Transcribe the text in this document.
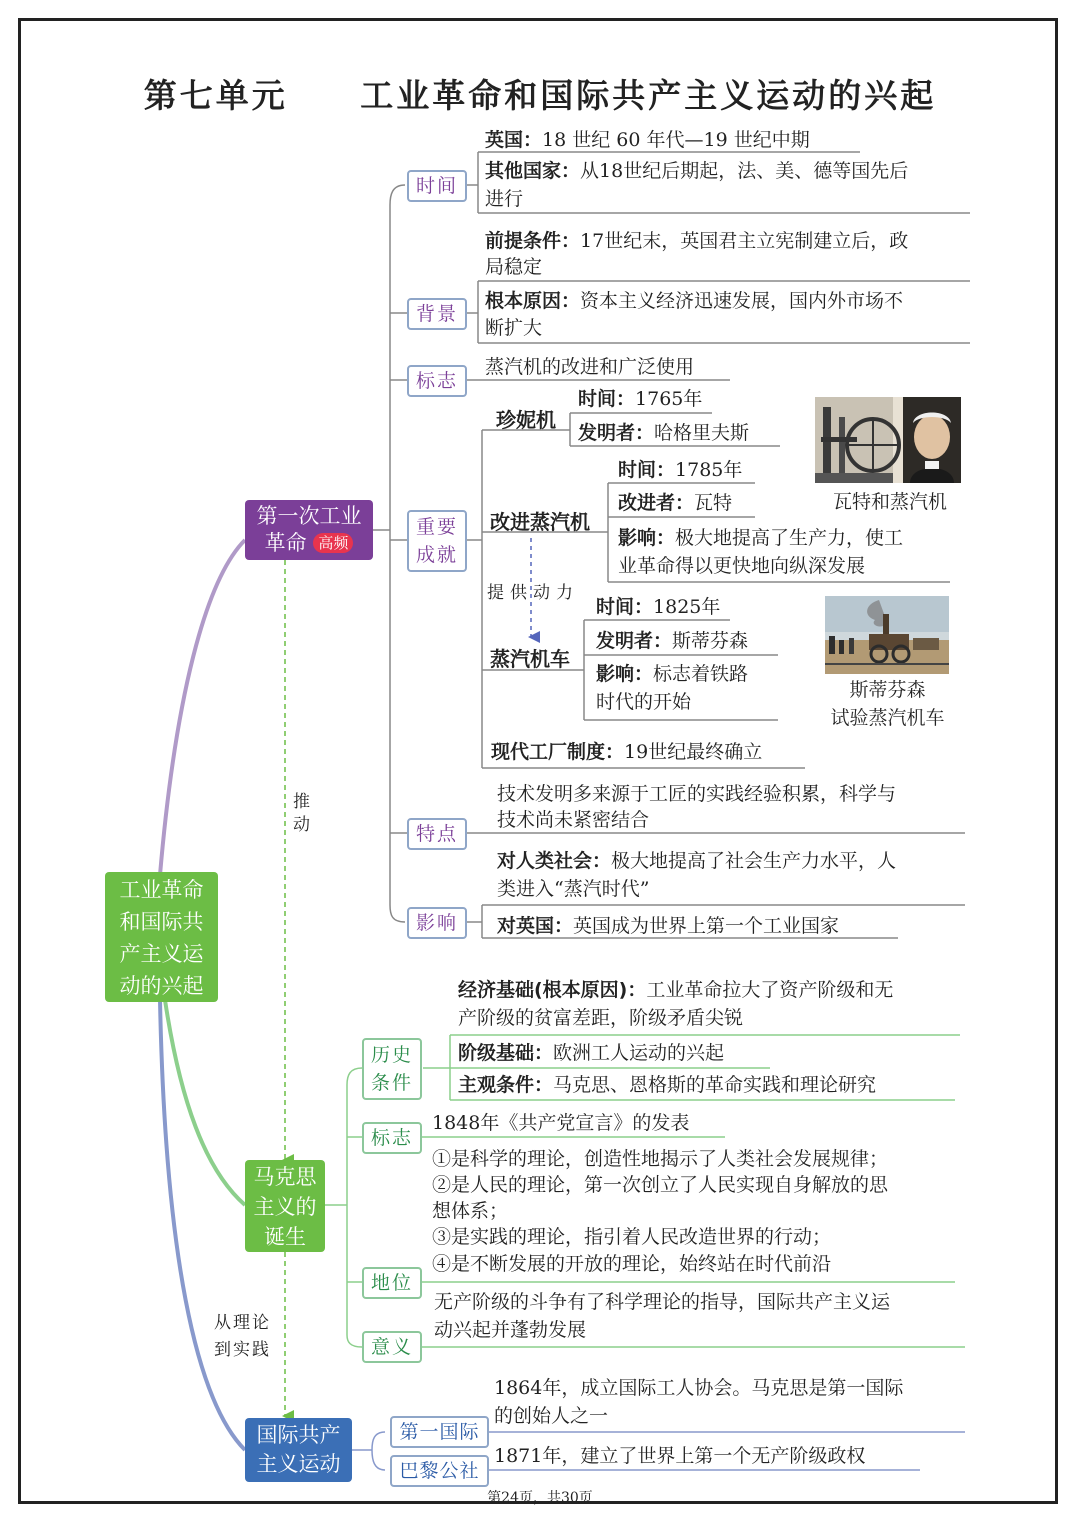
第七单元     工业革命和国际共产主义运动的兴起
工业革命
和国际共
产主义运
动的兴起
第一次工业
革命 高频
时间
英国：18 世纪 60 年代—19 世纪中期
其他国家：从18世纪后期起，法、美、德等国先后
进行
背景
前提条件：17世纪末，英国君主立宪制建立后，政
局稳定
根本原因：资本主义经济迅速发展，国内外市场不
断扩大
标志
蒸汽机的改进和广泛使用
重要
成就
珍妮机
时间：1765年
发明者：哈格里夫斯
改进蒸汽机
时间：1785年
改进者：瓦特
影响：极大地提高了生产力，使工
业革命得以更快地向纵深发展
瓦特和蒸汽机
提供动力
蒸汽机车
时间：1825年
发明者：斯蒂芬森
影响：标志着铁路
时代的开始
斯蒂芬森
试验蒸汽机车
现代工厂制度：19世纪最终确立
特点
技术发明多来源于工匠的实践经验积累，科学与
技术尚未紧密结合
影响
对人类社会：极大地提高了社会生产力水平，人
类进入“蒸汽时代”
对英国：英国成为世界上第一个工业国家
推动
马克思
主义的
诞生
历史
条件
经济基础(根本原因)：工业革命拉大了资产阶级和无
产阶级的贫富差距，阶级矛盾尖锐
阶级基础：欧洲工人运动的兴起
主观条件：马克思、恩格斯的革命实践和理论研究
标志
1848年《共产党宣言》的发表
①是科学的理论，创造性地揭示了人类社会发展规律；
②是人民的理论，第一次创立了人民实现自身解放的思
想体系；
③是实践的理论，指引着人民改造世界的行动；
④是不断发展的开放的理论，始终站在时代前沿
地位
无产阶级的斗争有了科学理论的指导，国际共产主义运
动兴起并蓬勃发展
意义
从理论
到实践
国际共产
主义运动
第一国际
1864年，成立国际工人协会。马克思是第一国际
的创始人之一
巴黎公社
1871年，建立了世界上第一个无产阶级政权
第24页，共30页
